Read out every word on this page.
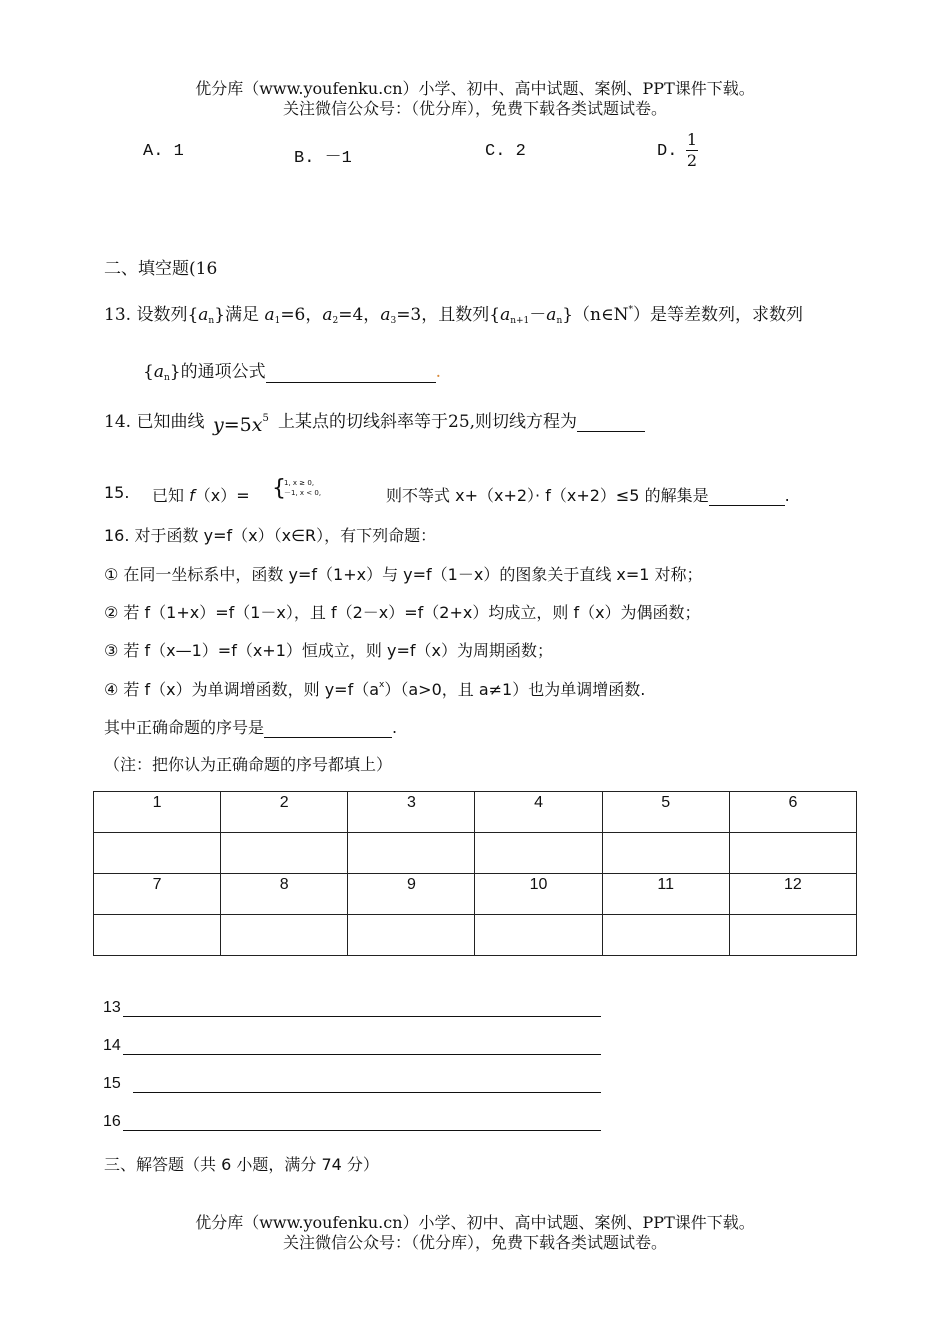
优分库（www.youfenku.cn）小学、初中、高中试题、案例、PPT课件下载。
关注微信公众号：（优分库），免费下载各类试题试卷。
A. 1	B. －1	C. 2	D.
1
2
二、填空题(16
13. 设数列$\{a_n\}$满足 $a_1=6$，$a_2=4$，$a_3=3$，且数列$\{a_{n+1}-a_n\}(n\in N^*)$是等差数列，求数列
$\{a_n\}$的通项公式	.
14. 已知曲线 $y=5x^5$ 上某点的切线斜率等于25,则切线方程为
15. 已知 f（x）= {
1, x ≥ 0,
－1, x < 0,	则不等式 x+（x+2）· f（x+2）≤5 的解集是	.
16. 对于函数 y=f（x）（x∈R），有下列命题：
① 在同一坐标系中，函数 y=f（1+x）与 y=f（1－x）的图象关于直线 x=1 对称；
② 若 f（1+x）=f（1－x），且 f（2－x）=f（2+x）均成立，则 f（x）为偶函数；
③ 若 f（x—1）=f（x+1）恒成立，则 y=f（x）为周期函数；
④ 若 f（x）为单调增函数，则 $y=f(a^x)(a>0$，且 a≠1）也为单调增函数.
其中正确命题的序号是	.
（注：把你认为正确命题的序号都填上）
1	2	3	4	5	6

7	8	9	10	11	12

13
14
15
16
三、解答题（共 6 小题，满分 74 分）
优分库（www.youfenku.cn）小学、初中、高中试题、案例、PPT课件下载。
关注微信公众号：（优分库），免费下载各类试题试卷。
